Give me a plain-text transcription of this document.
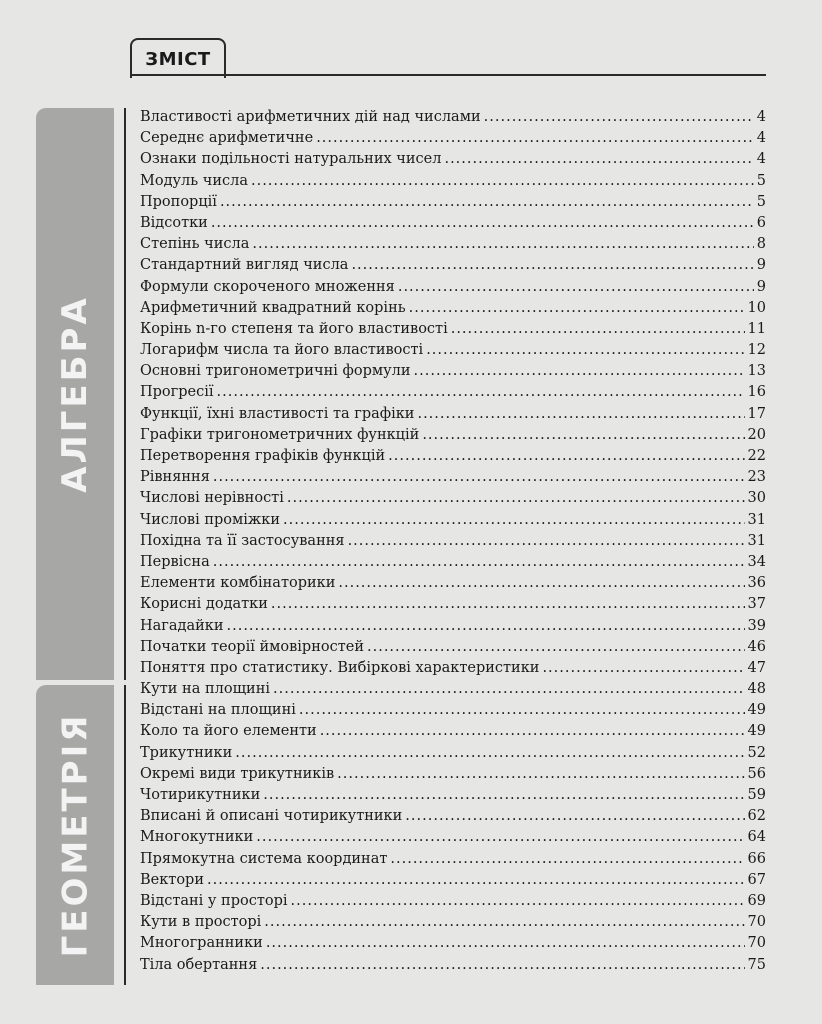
ЗМІСТ
АЛГЕБРА
ГЕОМЕТРІЯ
Властивості арифметичних дій над числами .....	4
Середнє арифметичне .....	4
Ознаки подільності натуральних чисел .....	4
Модуль числа .....	5
Пропорції .....	5
Відсотки .....	6
Степінь числа .....	8
Стандартний вигляд числа .....	9
Формули скороченого множення .....	9
Арифметичний квадратний корінь .....	10
Корінь n-го степеня та його властивості .....	11
Логарифм числа та його властивості .....	12
Основні тригонометричні формули .....	13
Прогресії .....	16
Функції, їхні властивості та графіки .....	17
Графіки тригонометричних функцій .....	20
Перетворення графіків функцій .....	22
Рівняння .....	23
Числові нерівності .....	30
Числові проміжки .....	31
Похідна та її застосування .....	31
Первісна .....	34
Елементи комбінаторики .....	36
Корисні додатки .....	37
Нагадайки .....	39
Початки теорії ймовірностей .....	46
Поняття про статистику. Вибіркові характеристики .....	47
Кути на площині .....	48
Відстані на площині .....	49
Коло та його елементи .....	49
Трикутники .....	52
Окремі види трикутників .....	56
Чотирикутники .....	59
Вписані й описані чотирикутники .....	62
Многокутники .....	64
Прямокутна система координат .....	66
Вектори .....	67
Відстані у просторі .....	69
Кути в просторі .....	70
Многогранники .....	70
Тіла обертання .....	75
